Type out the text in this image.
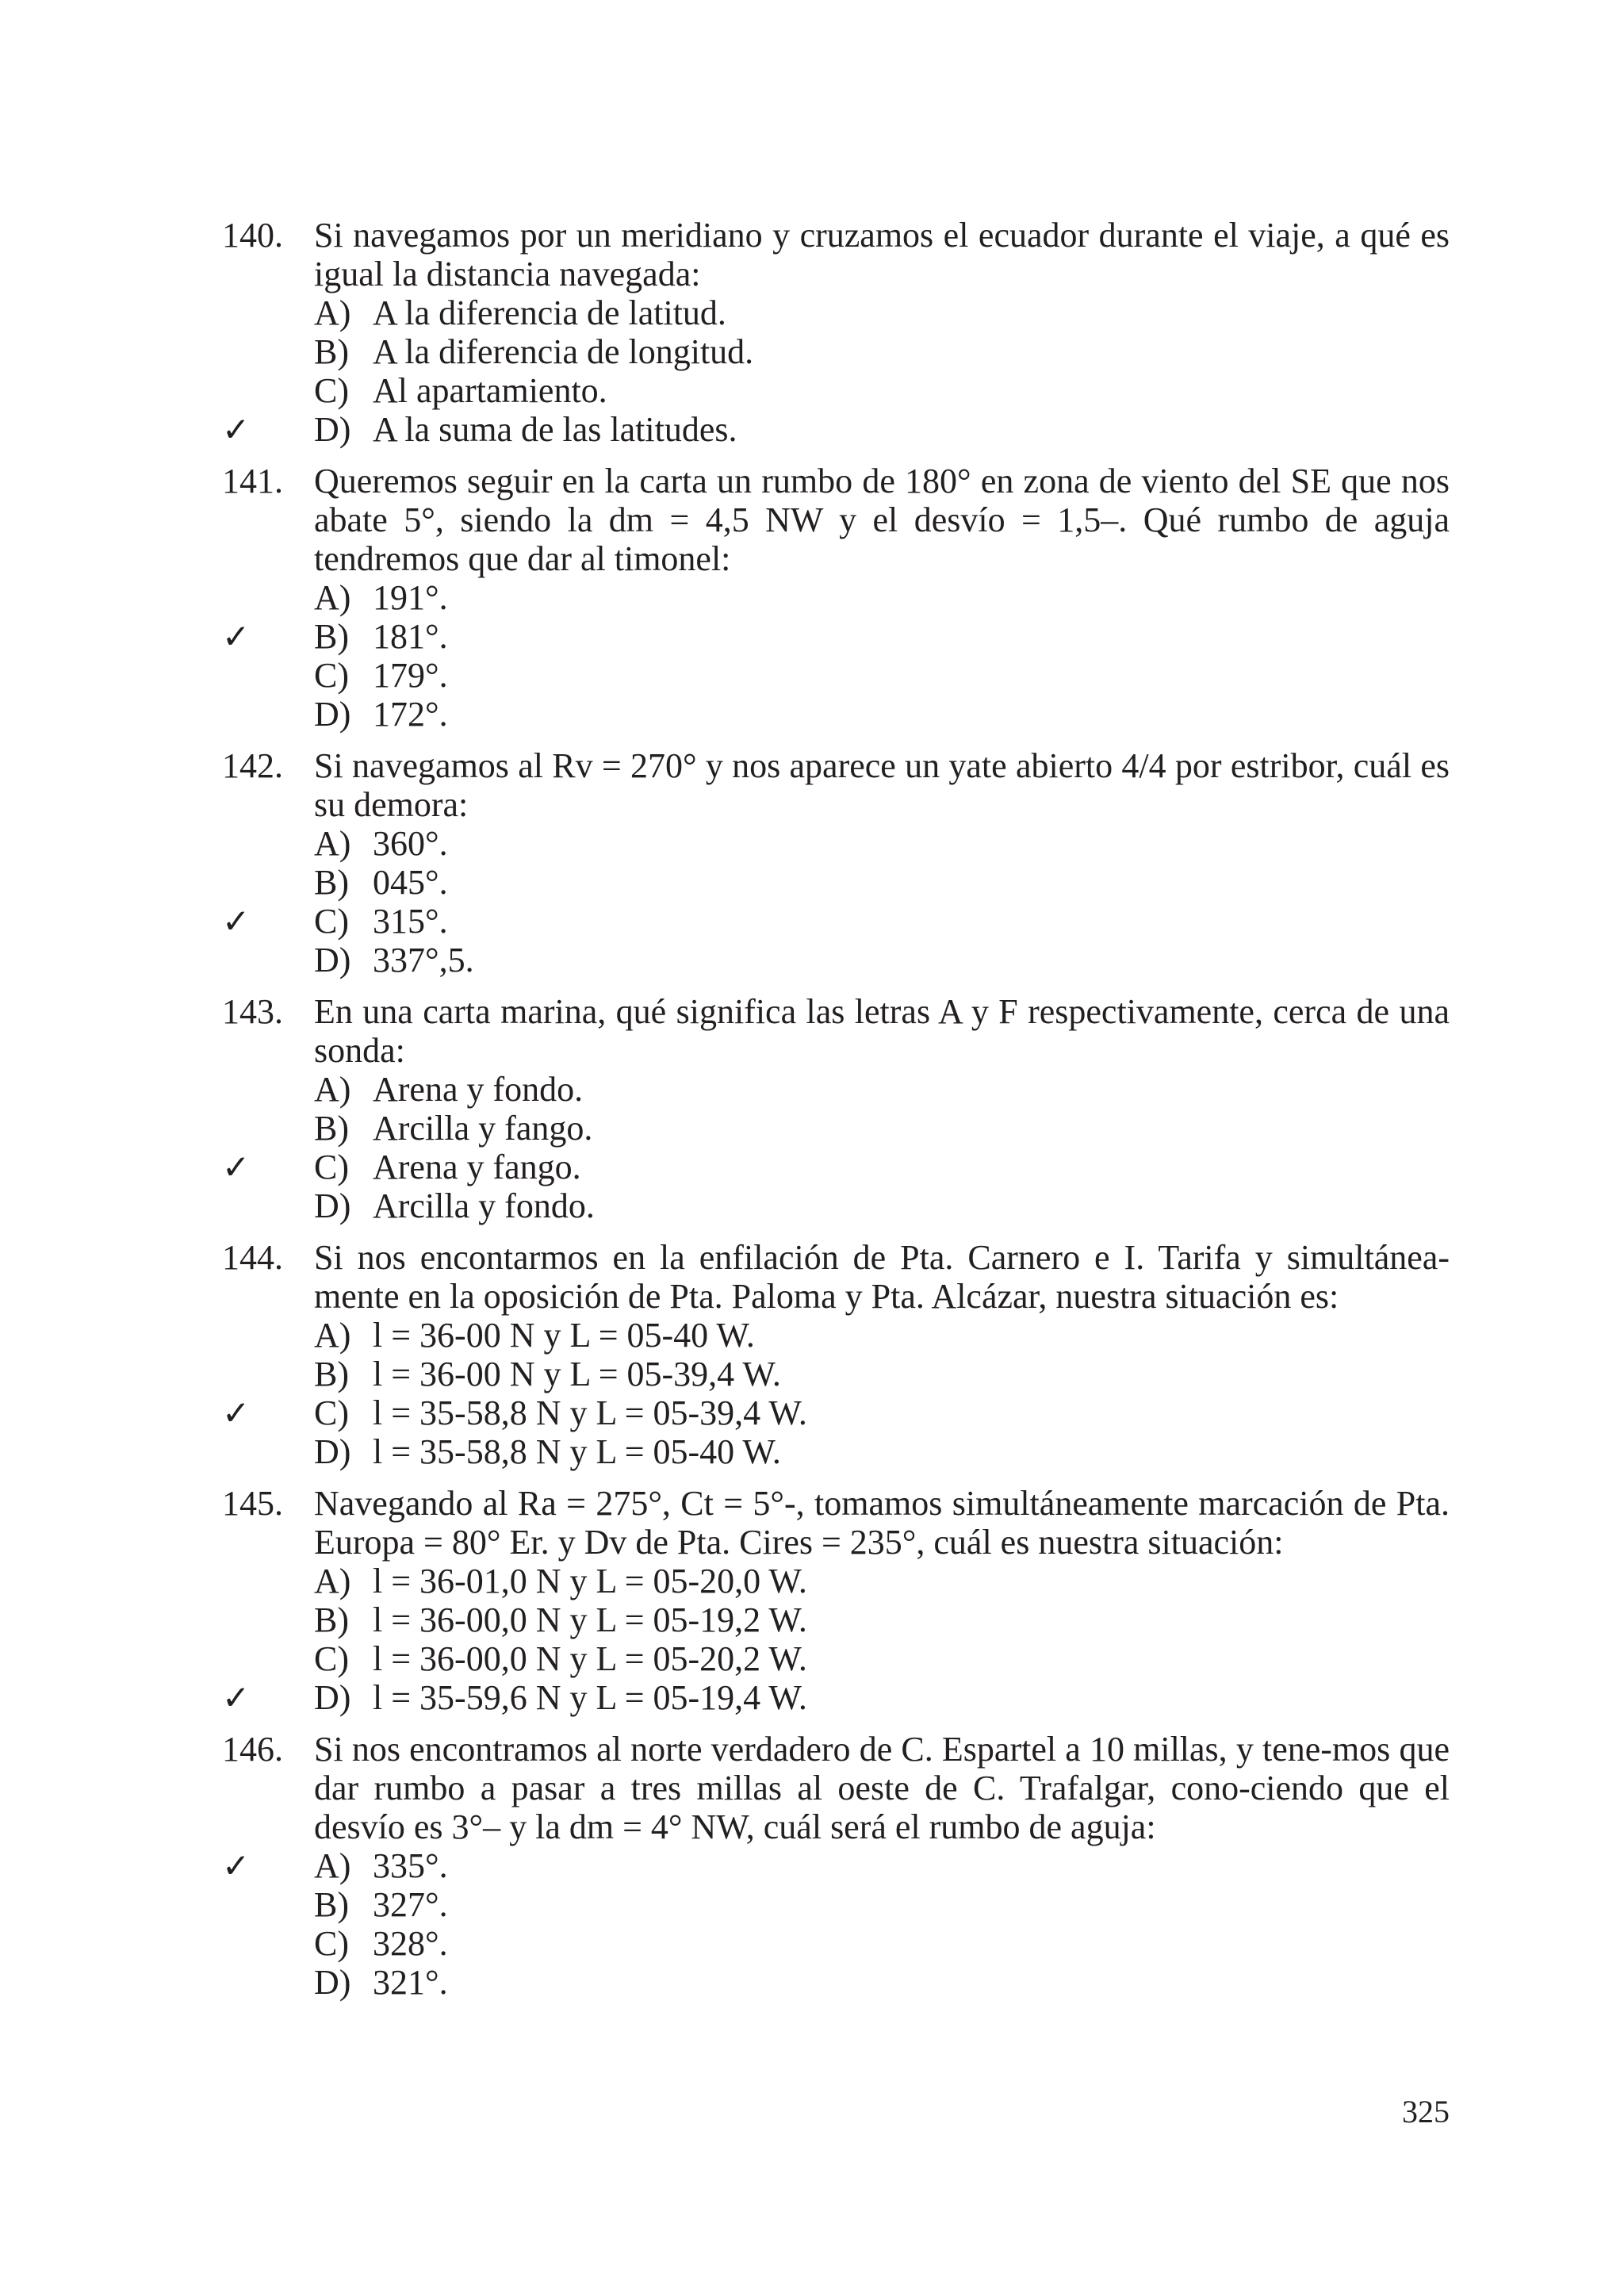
140. Si navegamos por un meridiano y cruzamos el ecuador durante el viaje, a qué es igual la distancia navegada:
A) A la diferencia de latitud.
B) A la diferencia de longitud.
C) Al apartamiento.
✓ D) A la suma de las latitudes.
141. Queremos seguir en la carta un rumbo de 180° en zona de viento del SE que nos abate 5°, siendo la dm = 4,5 NW y el desvío = 1,5–. Qué rumbo de aguja tendremos que dar al timonel:
A) 191°.
✓ B) 181°.
C) 179°.
D) 172°.
142. Si navegamos al Rv = 270° y nos aparece un yate abierto 4/4 por estribor, cuál es su demora:
A) 360°.
B) 045°.
✓ C) 315°.
D) 337°,5.
143. En una carta marina, qué significa las letras A y F respectivamente, cerca de una sonda:
A) Arena y fondo.
B) Arcilla y fango.
✓ C) Arena y fango.
D) Arcilla y fondo.
144. Si nos encontarmos en la enfilación de Pta. Carnero e I. Tarifa y simultánea-mente en la oposición de Pta. Paloma y Pta. Alcázar, nuestra situación es:
A) l = 36-00 N y L = 05-40 W.
B) l = 36-00 N y L = 05-39,4 W.
✓ C) l = 35-58,8 N y L = 05-39,4 W.
D) l = 35-58,8 N y L = 05-40 W.
145. Navegando al Ra = 275°, Ct = 5°-, tomamos simultáneamente marcación de Pta. Europa = 80° Er. y Dv de Pta. Cires = 235°, cuál es nuestra situación:
A) l = 36-01,0 N y L = 05-20,0 W.
B) l = 36-00,0 N y L = 05-19,2 W.
C) l = 36-00,0 N y L = 05-20,2 W.
✓ D) l = 35-59,6 N y L = 05-19,4 W.
146. Si nos encontramos al norte verdadero de C. Espartel a 10 millas, y tene-mos que dar rumbo a pasar a tres millas al oeste de C. Trafalgar, cono-ciendo que el desvío es 3°– y la dm = 4° NW, cuál será el rumbo de aguja:
✓ A) 335°.
B) 327°.
C) 328°.
D) 321°.
325
